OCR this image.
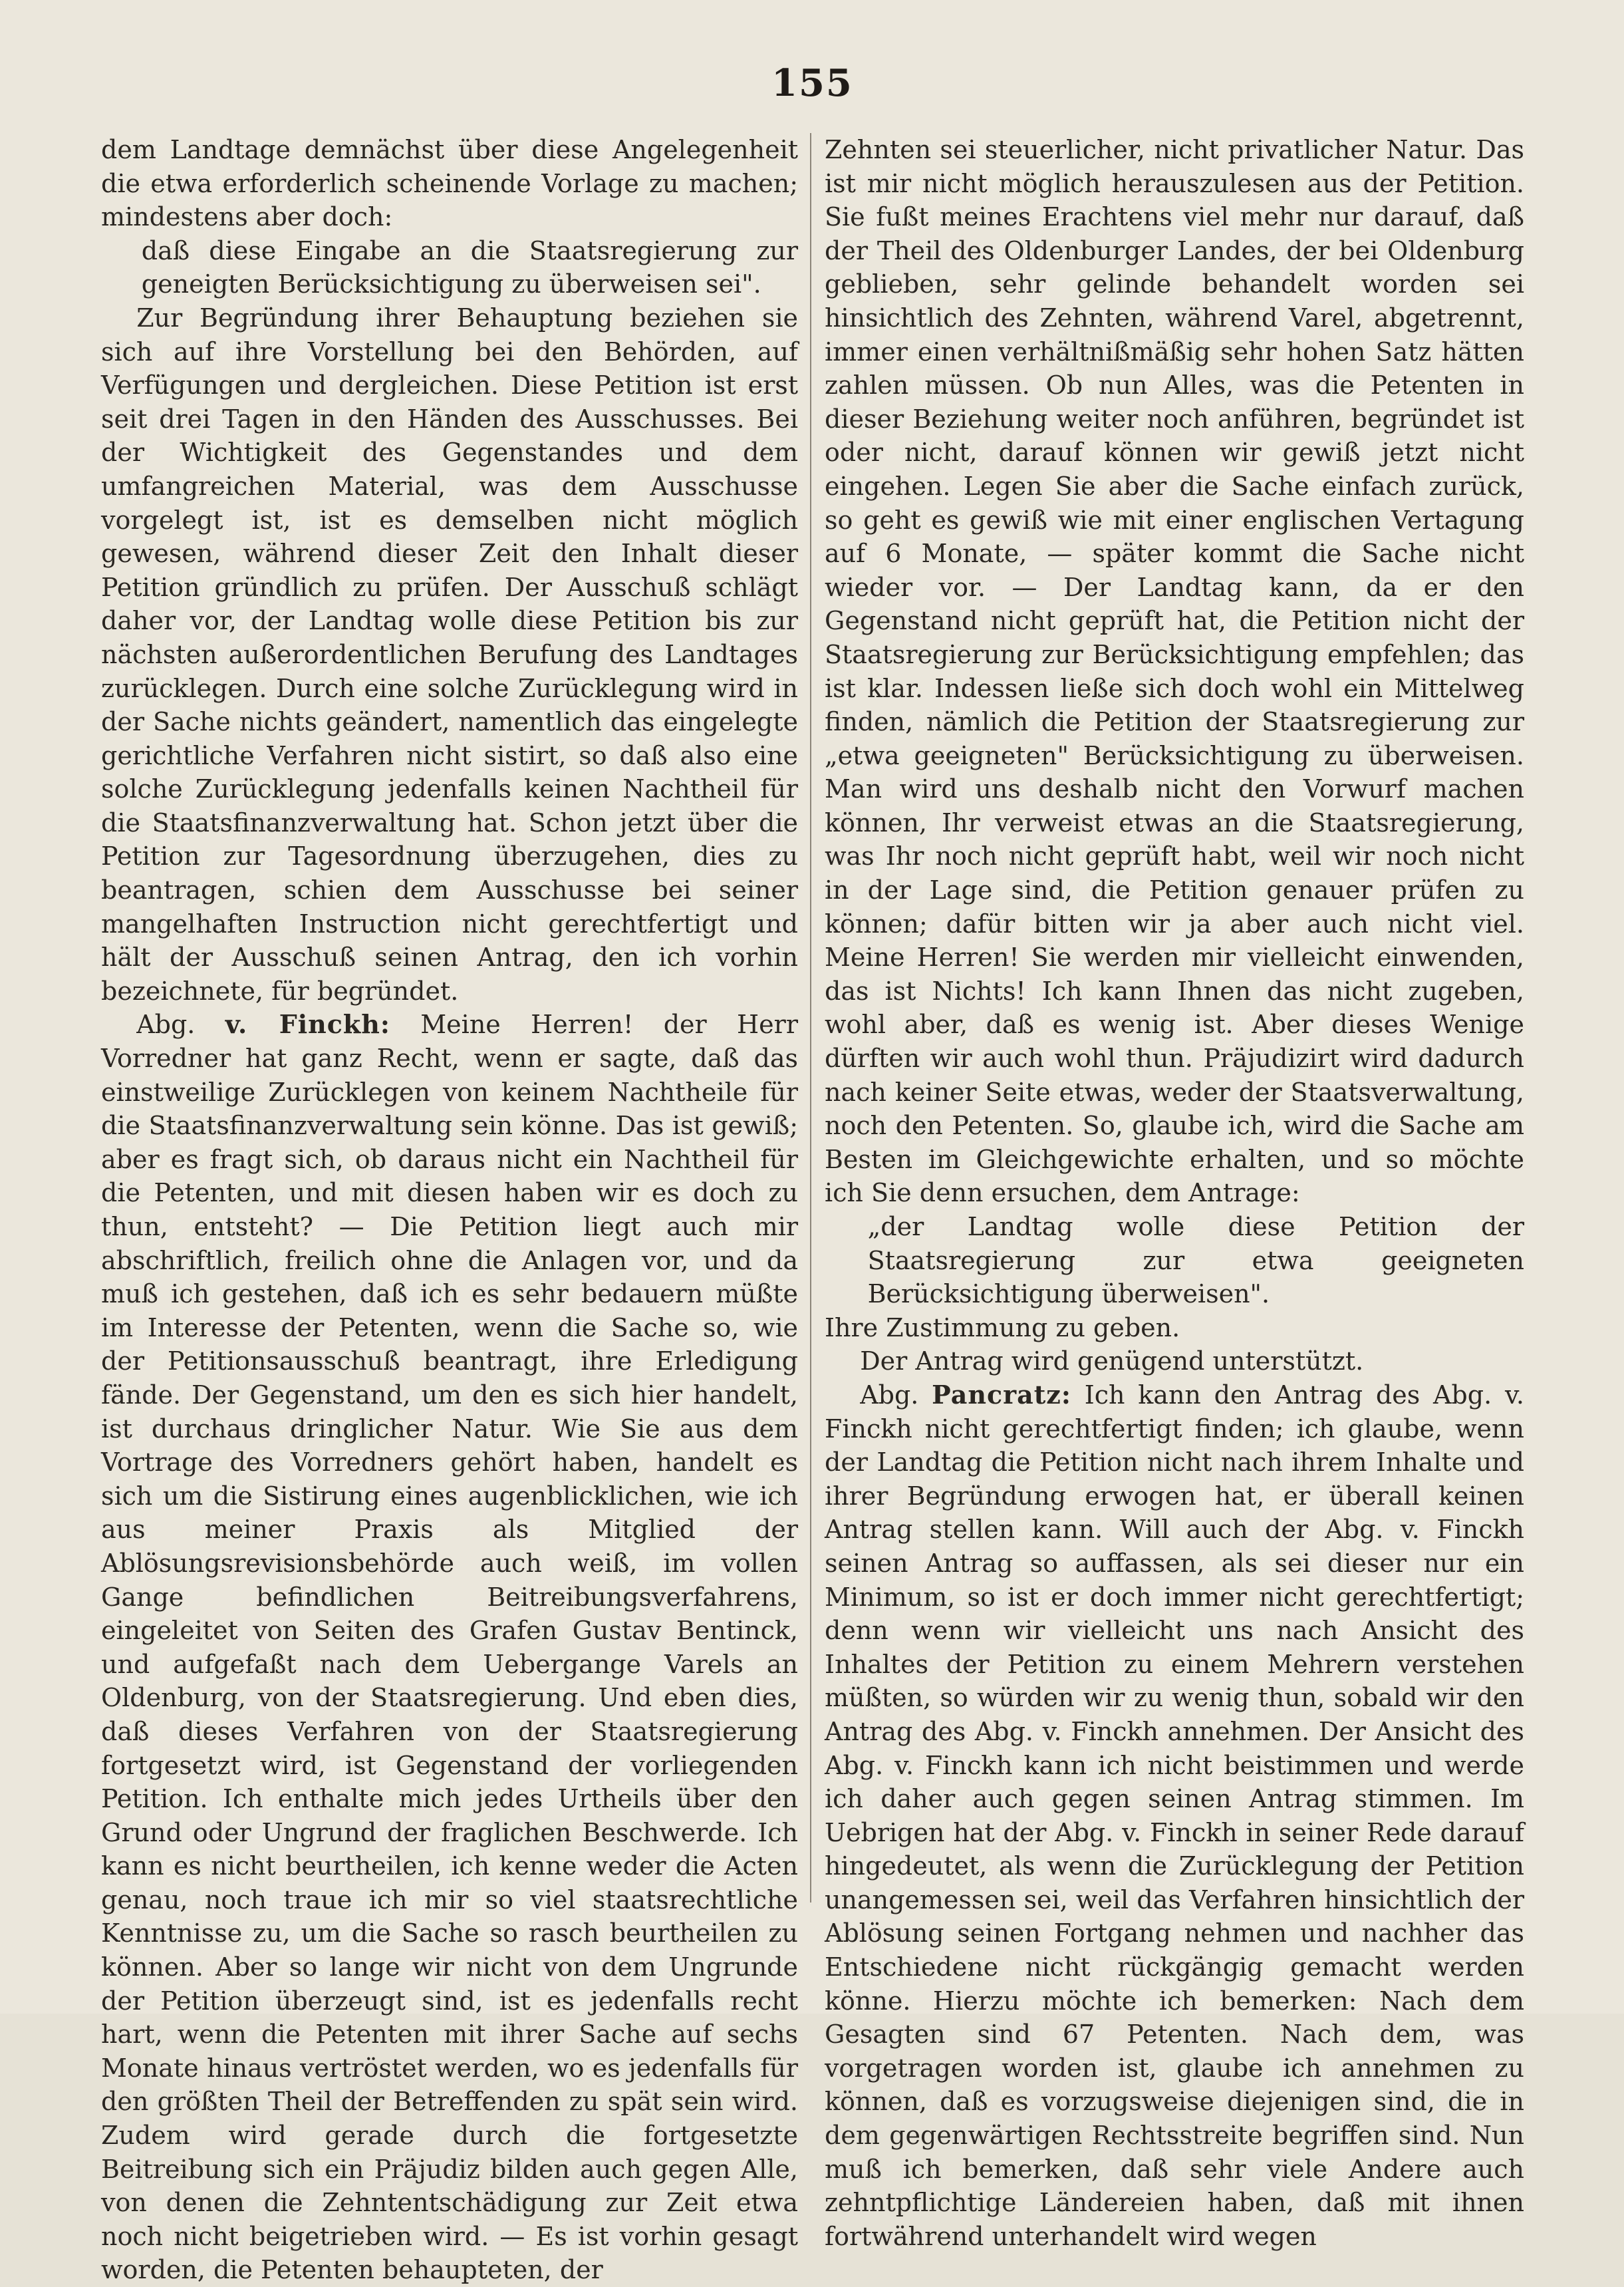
155

dem Landtage demnächst über diese Angelegenheit die etwa erforderlich scheinende Vorlage zu machen; mindestens aber doch:

daß diese Eingabe an die Staatsregierung zur geneigten Berücksichtigung zu überweisen sei".

Zur Begründung ihrer Behauptung beziehen sie sich auf ihre Vorstellung bei den Behörden, auf Verfügungen und dergleichen. Diese Petition ist erst seit drei Tagen in den Händen des Ausschusses. Bei der Wichtigkeit des Gegenstandes und dem umfangreichen Material, was dem Ausschusse vorgelegt ist, ist es demselben nicht möglich gewesen, während dieser Zeit den Inhalt dieser Petition gründlich zu prüfen. Der Ausschuß schlägt daher vor, der Landtag wolle diese Petition bis zur nächsten außerordentlichen Berufung des Landtages zurücklegen. Durch eine solche Zurücklegung wird in der Sache nichts geändert, namentlich das eingelegte gerichtliche Verfahren nicht sistirt, so daß also eine solche Zurücklegung jedenfalls keinen Nachtheil für die Staatsfinanzverwaltung hat. Schon jetzt über die Petition zur Tagesordnung überzugehen, dies zu beantragen, schien dem Ausschusse bei seiner mangelhaften Instruction nicht gerechtfertigt und hält der Ausschuß seinen Antrag, den ich vorhin bezeichnete, für begründet.

Abg. v. Finckh: Meine Herren! der Herr Vorredner hat ganz Recht, wenn er sagte, daß das einstweilige Zurücklegen von keinem Nachtheile für die Staatsfinanzverwaltung sein könne. Das ist gewiß; aber es fragt sich, ob daraus nicht ein Nachtheil für die Petenten, und mit diesen haben wir es doch zu thun, entsteht? — Die Petition liegt auch mir abschriftlich, freilich ohne die Anlagen vor, und da muß ich gestehen, daß ich es sehr bedauern müßte im Interesse der Petenten, wenn die Sache so, wie der Petitionsausschuß beantragt, ihre Erledigung fände. Der Gegenstand, um den es sich hier handelt, ist durchaus dringlicher Natur. Wie Sie aus dem Vortrage des Vorredners gehört haben, handelt es sich um die Sistirung eines augenblicklichen, wie ich aus meiner Praxis als Mitglied der Ablösungsrevisionsbehörde auch weiß, im vollen Gange befindlichen Beitreibungsverfahrens, eingeleitet von Seiten des Grafen Gustav Bentinck, und aufgefaßt nach dem Uebergange Varels an Oldenburg, von der Staatsregierung. Und eben dies, daß dieses Verfahren von der Staatsregierung fortgesetzt wird, ist Gegenstand der vorliegenden Petition. Ich enthalte mich jedes Urtheils über den Grund oder Ungrund der fraglichen Beschwerde. Ich kann es nicht beurtheilen, ich kenne weder die Acten genau, noch traue ich mir so viel staatsrechtliche Kenntnisse zu, um die Sache so rasch beurtheilen zu können. Aber so lange wir nicht von dem Ungrunde der Petition überzeugt sind, ist es jedenfalls recht hart, wenn die Petenten mit ihrer Sache auf sechs Monate hinaus vertröstet werden, wo es jedenfalls für den größten Theil der Betreffenden zu spät sein wird. Zudem wird gerade durch die fortgesetzte Beitreibung sich ein Präjudiz bilden auch gegen Alle, von denen die Zehntentschädigung zur Zeit etwa noch nicht beigetrieben wird. — Es ist vorhin gesagt worden, die Petenten behaupteten, der

Zehnten sei steuerlicher, nicht privatlicher Natur. Das ist mir nicht möglich herauszulesen aus der Petition. Sie fußt meines Erachtens viel mehr nur darauf, daß der Theil des Oldenburger Landes, der bei Oldenburg geblieben, sehr gelinde behandelt worden sei hinsichtlich des Zehnten, während Varel, abgetrennt, immer einen verhältnißmäßig sehr hohen Satz hätten zahlen müssen. Ob nun Alles, was die Petenten in dieser Beziehung weiter noch anführen, begründet ist oder nicht, darauf können wir gewiß jetzt nicht eingehen. Legen Sie aber die Sache einfach zurück, so geht es gewiß wie mit einer englischen Vertagung auf 6 Monate, — später kommt die Sache nicht wieder vor. — Der Landtag kann, da er den Gegenstand nicht geprüft hat, die Petition nicht der Staatsregierung zur Berücksichtigung empfehlen; das ist klar. Indessen ließe sich doch wohl ein Mittelweg finden, nämlich die Petition der Staatsregierung zur „etwa geeigneten" Berücksichtigung zu überweisen. Man wird uns deshalb nicht den Vorwurf machen können, Ihr verweist etwas an die Staatsregierung, was Ihr noch nicht geprüft habt, weil wir noch nicht in der Lage sind, die Petition genauer prüfen zu können; dafür bitten wir ja aber auch nicht viel. Meine Herren! Sie werden mir vielleicht einwenden, das ist Nichts! Ich kann Ihnen das nicht zugeben, wohl aber, daß es wenig ist. Aber dieses Wenige dürften wir auch wohl thun. Präjudizirt wird dadurch nach keiner Seite etwas, weder der Staatsverwaltung, noch den Petenten. So, glaube ich, wird die Sache am Besten im Gleichgewichte erhalten, und so möchte ich Sie denn ersuchen, dem Antrage:

„der Landtag wolle diese Petition der Staatsregierung zur etwa geeigneten Berücksichtigung überweisen".

Ihre Zustimmung zu geben.

Der Antrag wird genügend unterstützt.

Abg. Pancratz: Ich kann den Antrag des Abg. v. Finckh nicht gerechtfertigt finden; ich glaube, wenn der Landtag die Petition nicht nach ihrem Inhalte und ihrer Begründung erwogen hat, er überall keinen Antrag stellen kann. Will auch der Abg. v. Finckh seinen Antrag so auffassen, als sei dieser nur ein Minimum, so ist er doch immer nicht gerechtfertigt; denn wenn wir vielleicht uns nach Ansicht des Inhaltes der Petition zu einem Mehrern verstehen müßten, so würden wir zu wenig thun, sobald wir den Antrag des Abg. v. Finckh annehmen. Der Ansicht des Abg. v. Finckh kann ich nicht beistimmen und werde ich daher auch gegen seinen Antrag stimmen. Im Uebrigen hat der Abg. v. Finckh in seiner Rede darauf hingedeutet, als wenn die Zurücklegung der Petition unangemessen sei, weil das Verfahren hinsichtlich der Ablösung seinen Fortgang nehmen und nachher das Entschiedene nicht rückgängig gemacht werden könne. Hierzu möchte ich bemerken: Nach dem Gesagten sind 67 Petenten. Nach dem, was vorgetragen worden ist, glaube ich annehmen zu können, daß es vorzugsweise diejenigen sind, die in dem gegenwärtigen Rechtsstreite begriffen sind. Nun muß ich bemerken, daß sehr viele Andere auch zehntpflichtige Ländereien haben, daß mit ihnen fortwährend unterhandelt wird wegen
